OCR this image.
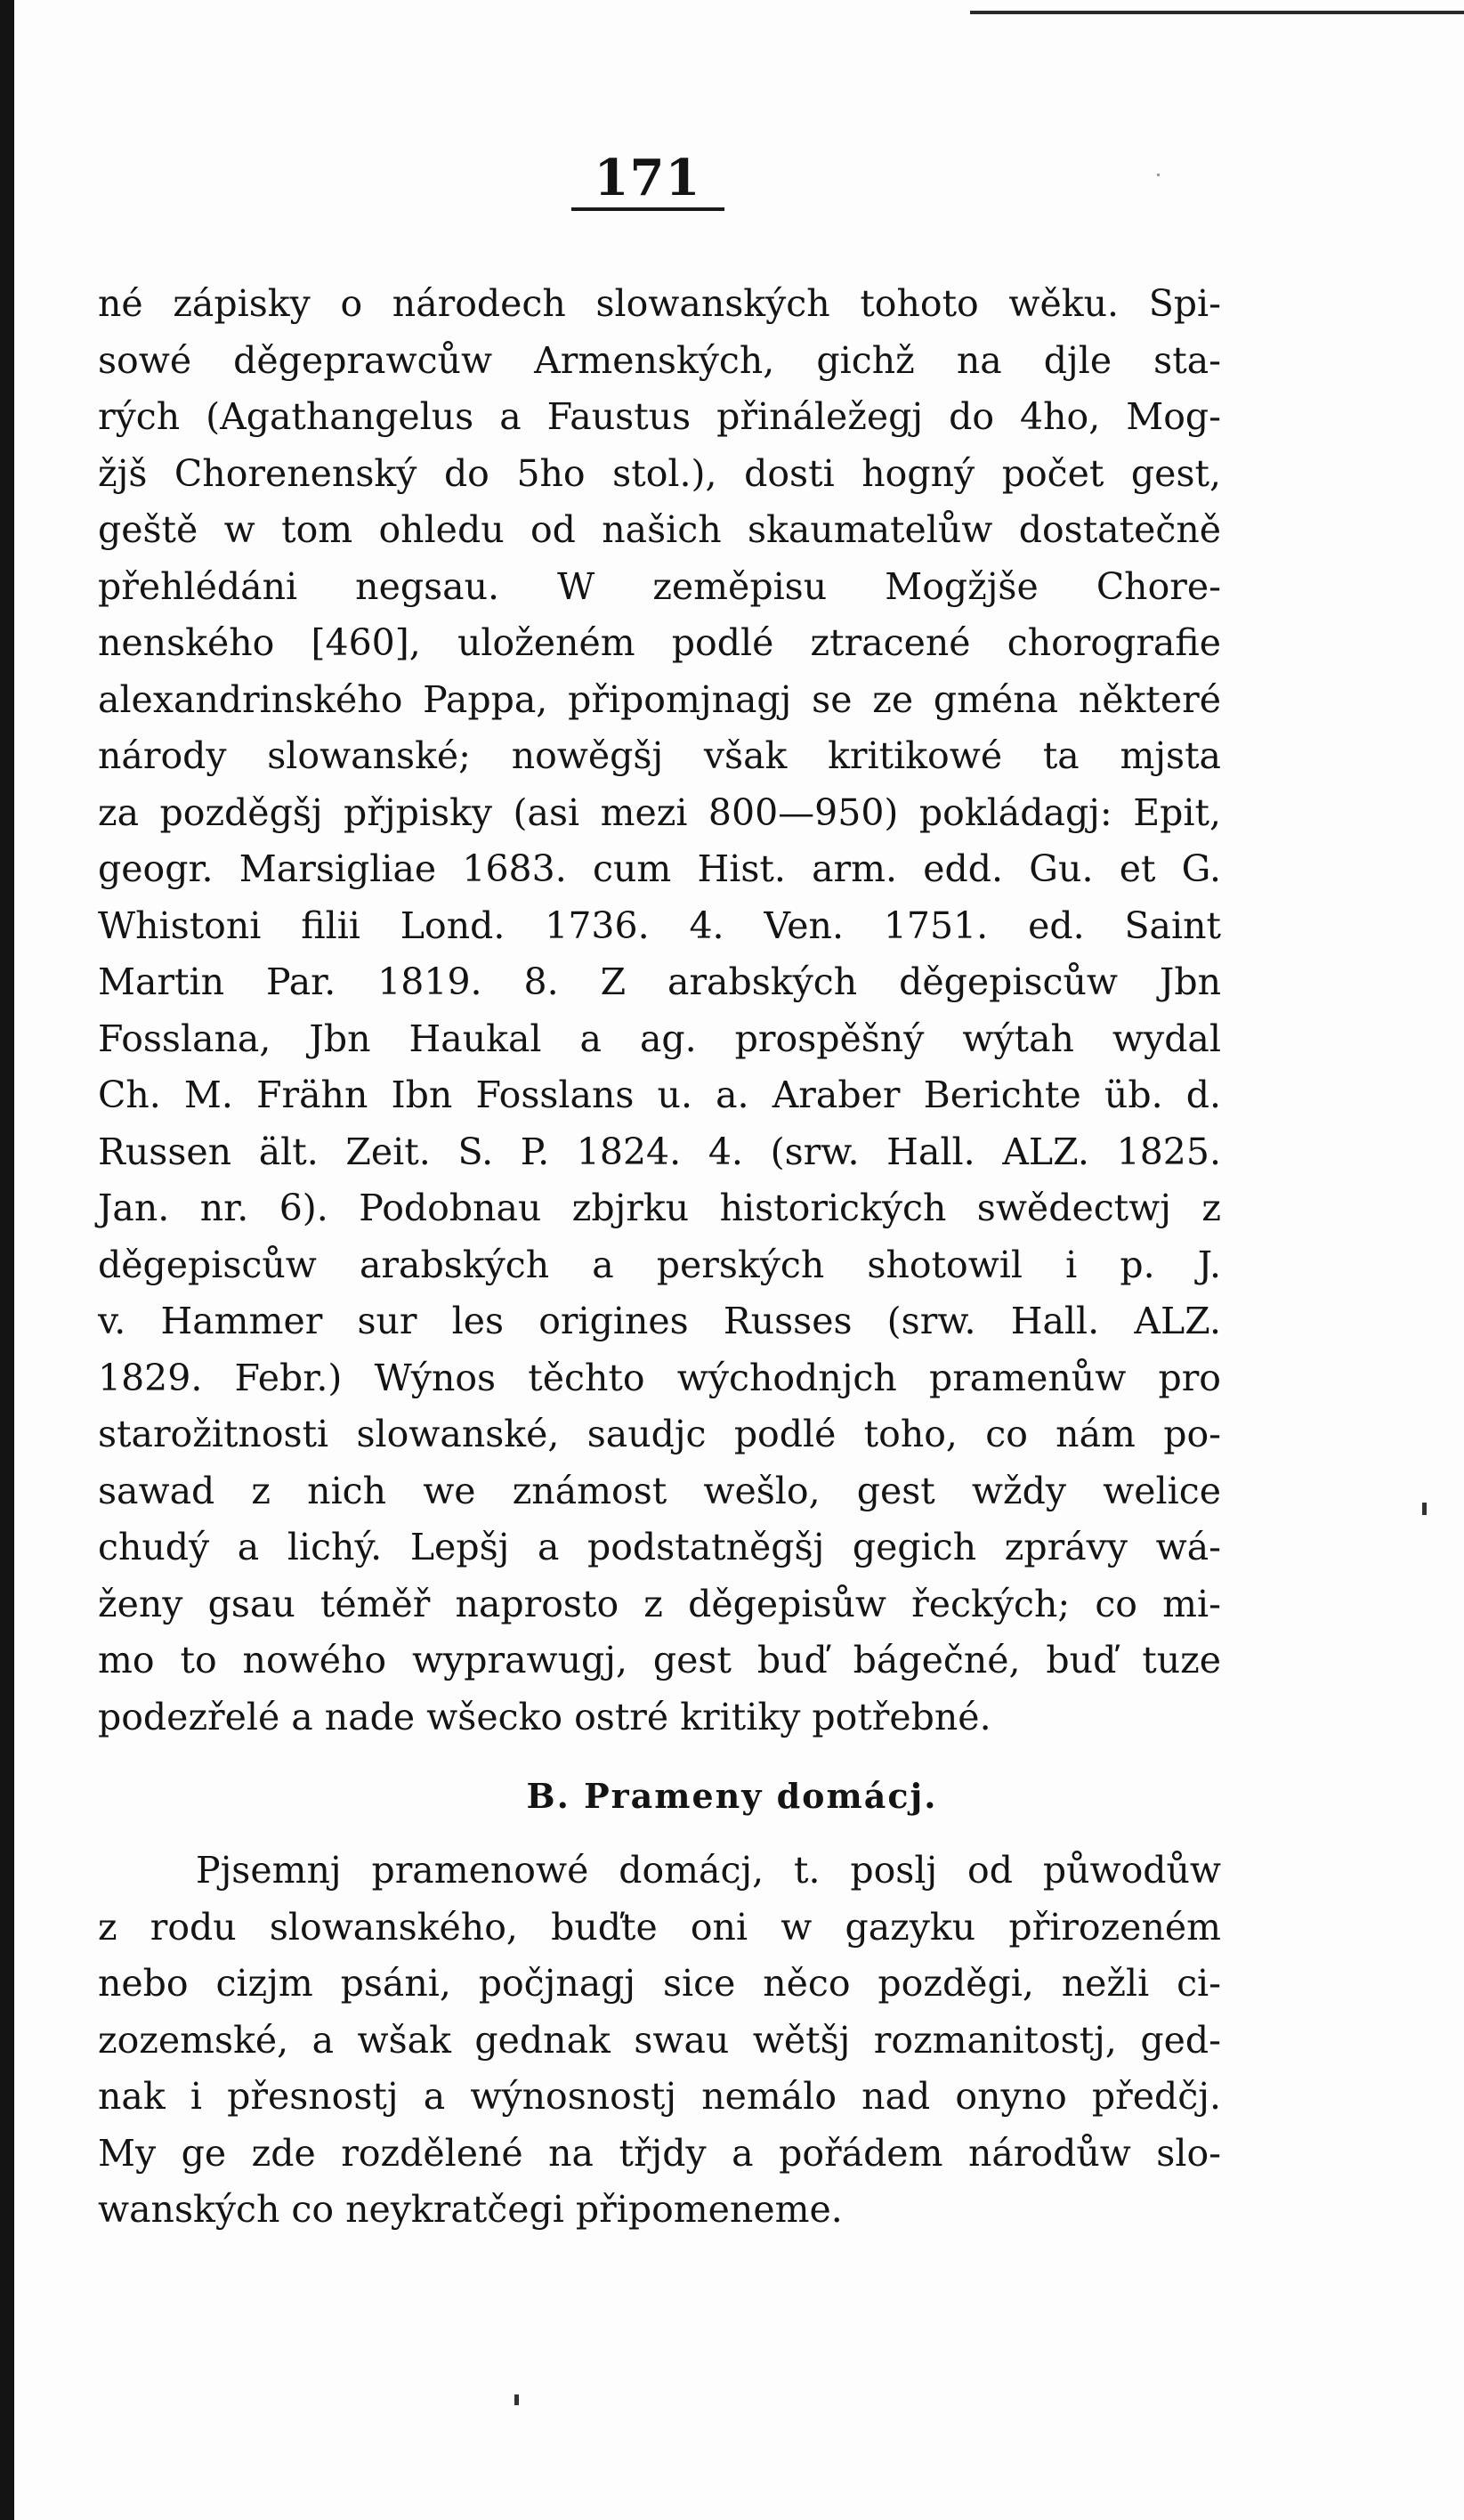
171
né zápisky o národech slowanských tohoto wěku. Spi-
sowé děgeprawcůw Armenských, gichž na djle sta-
rých (Agathangelus a Faustus přináležegj do 4ho, Mog-
žjš Chorenenský do 5ho stol.), dosti hogný počet gest,
geště w tom ohledu od našich skaumatelůw dostatečně
přehlédáni negsau. W zeměpisu Mogžjše Chore-
nenského [460], uloženém podlé ztracené chorografie
alexandrinského Pappa, připomjnagj se ze gména některé
národy slowanské; nowěgšj však kritikowé ta mjsta
za pozděgšj přjpisky (asi mezi 800—950) pokládagj: Epit,
geogr. Marsigliae 1683. cum Hist. arm. edd. Gu. et G.
Whistoni filii Lond. 1736. 4. Ven. 1751. ed. Saint
Martin Par. 1819. 8. Z arabských děgepiscůw Jbn
Fosslana, Jbn Haukal a ag. prospěšný wýtah wydal
Ch. M. Frähn Ibn Fosslans u. a. Araber Berichte üb. d.
Russen ält. Zeit. S. P. 1824. 4. (srw. Hall. ALZ. 1825.
Jan. nr. 6). Podobnau zbjrku historických swědectwj z
děgepiscůw arabských a perských shotowil i p. J.
v. Hammer sur les origines Russes (srw. Hall. ALZ.
1829. Febr.) Wýnos těchto wýchodnjch pramenůw pro
starožitnosti slowanské, saudjc podlé toho, co nám po-
sawad z nich we známost wešlo, gest wždy welice
chudý a lichý. Lepšj a podstatněgšj gegich zprávy wá-
ženy gsau téměř naprosto z děgepisůw řeckých; co mi-
mo to nowého wyprawugj, gest buď bágečné, buď tuze
podezřelé a nade wšecko ostré kritiky potřebné.
B. Prameny domácj.
Pjsemnj pramenowé domácj, t. poslj od půwodůw
z rodu slowanského, buďte oni w gazyku přirozeném
nebo cizjm psáni, počjnagj sice něco pozděgi, nežli ci-
zozemské, a wšak gednak swau wětšj rozmanitostj, ged-
nak i přesnostj a wýnosnostj nemálo nad onyno předčj.
My ge zde rozdělené na třjdy a pořádem národůw slo-
wanských co neykratčegi připomeneme.
